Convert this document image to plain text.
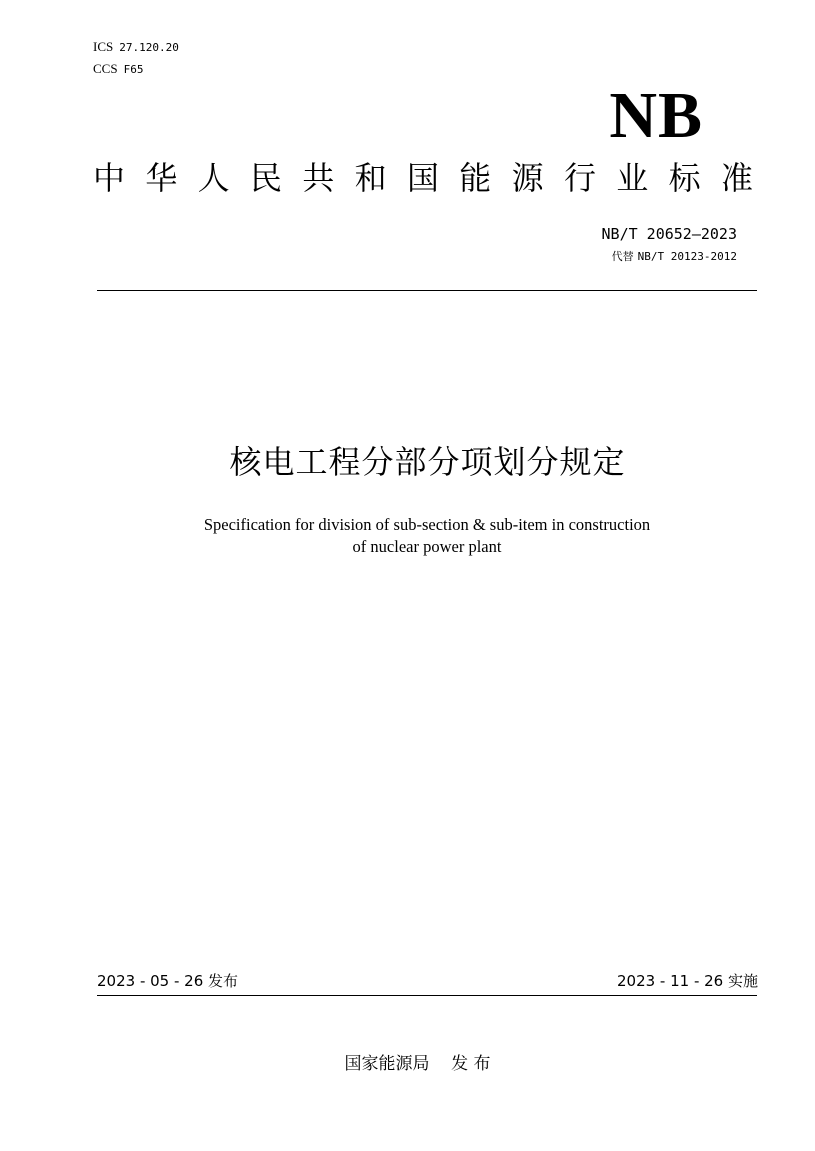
ICS 27.120.20
CCS F65
NB
中 华 人 民 共 和 国 能 源 行 业 标 准
NB/T 20652—2023
代替 NB/T 20123-2012
核电工程分部分项划分规定
Specification for division of sub-section & sub-item in construction
of nuclear power plant
2023 - 05 - 26 发布	2023 - 11 - 26 实施
国家能源局    发 布
